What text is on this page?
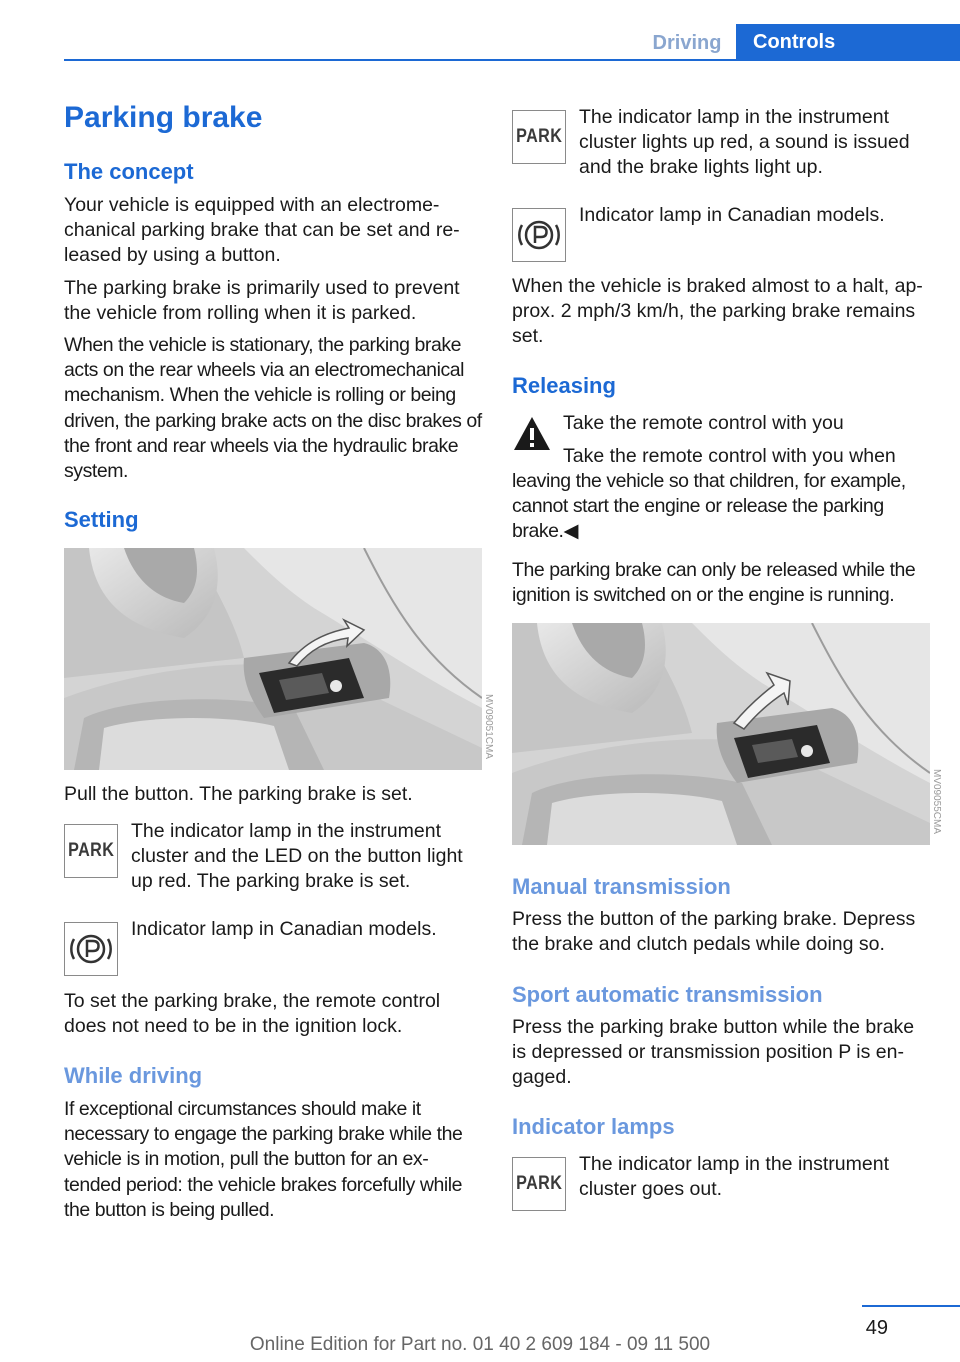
Driving	Controls
Parking brake
The concept

Your vehicle is equipped with an electrome‐ chanical parking brake that can be set and re‐ leased by using a button.

The parking brake is primarily used to prevent the vehicle from rolling when it is parked.

When the vehicle is stationary, the parking brake acts on the rear wheels via an electromechanical mechanism. When the vehicle is rolling or being driven, the parking brake acts on the disc brakes of the front and rear wheels via the hydraulic brake system.

Setting
MV09051CMA

Pull the button. The parking brake is set.

PARK

The indicator lamp in the instrument cluster and the LED on the button light up red. The parking brake is set.

Indicator lamp in Canadian models.

To set the parking brake, the remote control does not need to be in the ignition lock.

While driving

If exceptional circumstances should make it necessary to engage the parking brake while the vehicle is in motion, pull the button for an ex‐ tended period: the vehicle brakes forcefully while the button is being pulled.

PARK

The indicator lamp in the instrument cluster lights up red, a sound is issued and the brake lights light up.

Indicator lamp in Canadian models.

When the vehicle is braked almost to a halt, ap‐ prox. 2 mph/3 km/h, the parking brake remains set.

Releasing

Take the remote control with you

Take the remote control with you when

leaving the vehicle so that children, for example, cannot start the engine or release the parking brake.◀

The parking brake can only be released while the ignition is switched on or the engine is running.

MV09055CMA
Manual transmission

Press the button of the parking brake. Depress the brake and clutch pedals while doing so.

Sport automatic transmission

Press the parking brake button while the brake is depressed or transmission position P is en‐ gaged.

Indicator lamps
PARK

The indicator lamp in the instrument cluster goes out.

49
Online Edition for Part no. 01 40 2 609 184 - 09 11 500
